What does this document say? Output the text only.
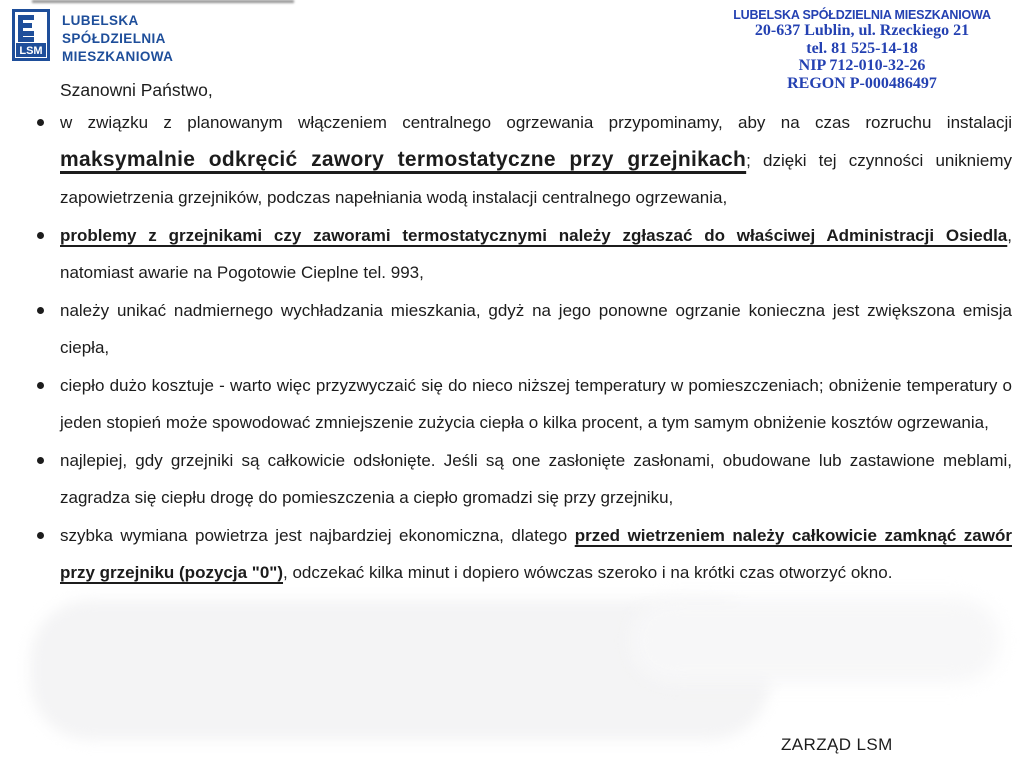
LSM
LUBELSKA
SPÓŁDZIELNIA
MIESZKANIOWA
LUBELSKA SPÓŁDZIELNIA MIESZKANIOWA
20-637 Lublin, ul. Rzeckiego 21
tel. 81 525-14-18
NIP 712-010-32-26
REGON P-000486497
Szanowni Państwo,
w związku z planowanym włączeniem centralnego ogrzewania przypominamy, aby na czas rozruchu instalacji maksymalnie odkręcić zawory termostatyczne przy grzejnikach; dzięki tej czynności unikniemy zapowietrzenia grzejników, podczas napełniania wodą instalacji centralnego ogrzewania,
problemy z grzejnikami czy zaworami termostatycznymi należy zgłaszać do właściwej Administracji Osiedla, natomiast awarie na Pogotowie Cieplne tel. 993,
należy unikać nadmiernego wychładzania mieszkania, gdyż na jego ponowne ogrzanie konieczna jest zwiększona emisja ciepła,
ciepło dużo kosztuje - warto więc przyzwyczaić się do nieco niższej temperatury w pomieszczeniach; obniżenie temperatury o jeden stopień może spowodować zmniejszenie zużycia ciepła o kilka procent, a tym samym obniżenie kosztów ogrzewania,
najlepiej, gdy grzejniki są całkowicie odsłonięte. Jeśli są one zasłonięte zasłonami, obudowane lub zastawione meblami, zagradza się ciepłu drogę do pomieszczenia a ciepło gromadzi się przy grzejniku,
szybka wymiana powietrza jest najbardziej ekonomiczna, dlatego przed wietrzeniem należy całkowicie zamknąć zawór przy grzejniku (pozycja "0"), odczekać kilka minut i dopiero wówczas szeroko i na krótki czas otworzyć okno.
ZARZĄD LSM
